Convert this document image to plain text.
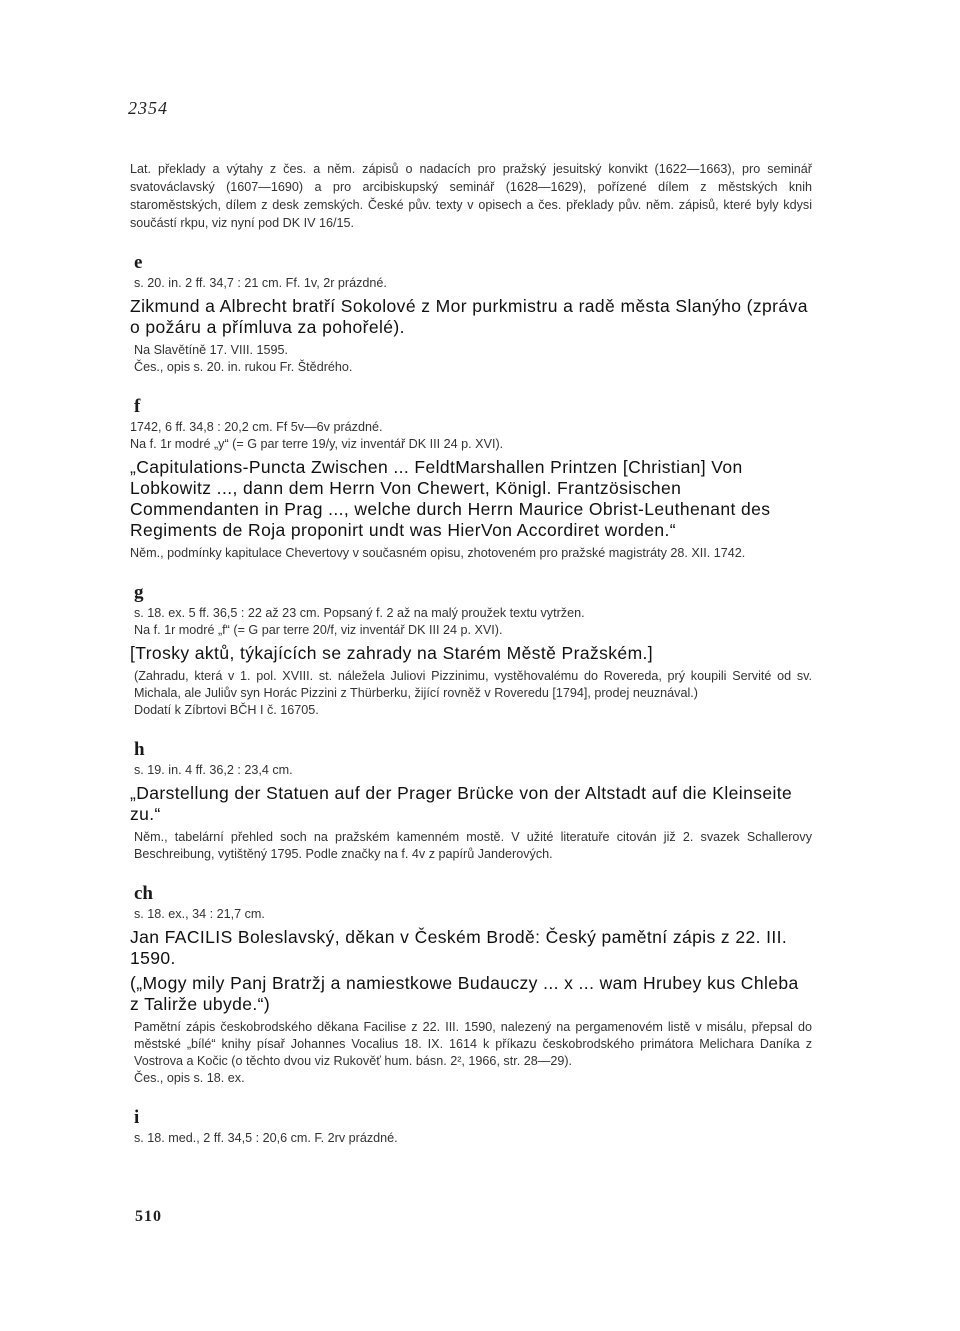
2354

Lat. překlady a výtahy z čes. a něm. zápisů o nadacích pro pražský jesuitský konvikt (1622—1663), pro seminář svatováclavský (1607—1690) a pro arcibiskupský seminář (1628—1629), pořízené dílem z městských knih staroměstských, dílem z desk zemských. České pův. texty v opisech a čes. překlady pův. něm. zápisů, které byly kdysi součástí rkpu, viz nyní pod DK IV 16/15.

e

s. 20. in. 2 ff. 34,7 : 21 cm. Ff. 1v, 2r prázdné.

Zikmund a Albrecht bratří Sokolové z Mor purkmistru a radě města Slanýho (zpráva o požáru a přímluva za pohořelé).

Na Slavětíně 17. VIII. 1595.

Čes., opis s. 20. in. rukou Fr. Štědrého.

f

1742, 6 ff. 34,8 : 20,2 cm. Ff 5v—6v prázdné.

Na f. 1r modré „y“ (= G par terre 19/y, viz inventář DK III 24 p. XVI).

„Capitulations-Puncta Zwischen ... FeldtMarshallen Printzen [Christian] Von Lobkowitz ..., dann dem Herrn Von Chewert, Königl. Frantzösischen Commendanten in Prag ..., welche durch Herrn Maurice Obrist-Leuthenant des Regiments de Roja proponirt undt was HierVon Accordiret worden.“

Něm., podmínky kapitulace Chevertovy v současném opisu, zhotoveném pro pražské magistráty 28. XII. 1742.

g

s. 18. ex. 5 ff. 36,5 : 22 až 23 cm. Popsaný f. 2 až na malý proužek textu vytržen.

Na f. 1r modré „f“ (= G par terre 20/f, viz inventář DK III 24 p. XVI).

[Trosky aktů, týkajících se zahrady na Starém Městě Pražském.]

(Zahradu, která v 1. pol. XVIII. st. náležela Juliovi Pizzinimu, vystěhovalému do Rovereda, prý koupili Servité od sv. Michala, ale Juliův syn Horác Pizzini z Thürberku, žijící rovněž v Roveredu [1794], prodej neuznával.)

Dodatí k Zíbrtovi BČH I č. 16705.

h

s. 19. in. 4 ff. 36,2 : 23,4 cm.

„Darstellung der Statuen auf der Prager Brücke von der Altstadt auf die Kleinseite zu.“

Něm., tabelární přehled soch na pražském kamenném mostě. V užité literatuře citován již 2. svazek Schallerovy Beschreibung, vytištěný 1795. Podle značky na f. 4v z papírů Janderových.

ch

s. 18. ex., 34 : 21,7 cm.

Jan FACILIS Boleslavský, děkan v Českém Brodě: Český pamětní zápis z 22. III. 1590.
(„Mogy mily Panj Bratržj a namiestkowe Budauczy ... x ... wam Hrubey kus Chleba z Talirže ubyde.“)

Pamětní zápis českobrodského děkana Facilise z 22. III. 1590, nalezený na pergamenovém listě v misálu, přepsal do městské „bílé“ knihy písař Johannes Vocalius 18. IX. 1614 k příkazu českobrodského primátora Melichara Daníka z Vostrova a Kočic (o těchto dvou viz Rukověť hum. básn. 2², 1966, str. 28—29).

Čes., opis s. 18. ex.

i

s. 18. med., 2 ff. 34,5 : 20,6 cm. F. 2rv prázdné.

510
